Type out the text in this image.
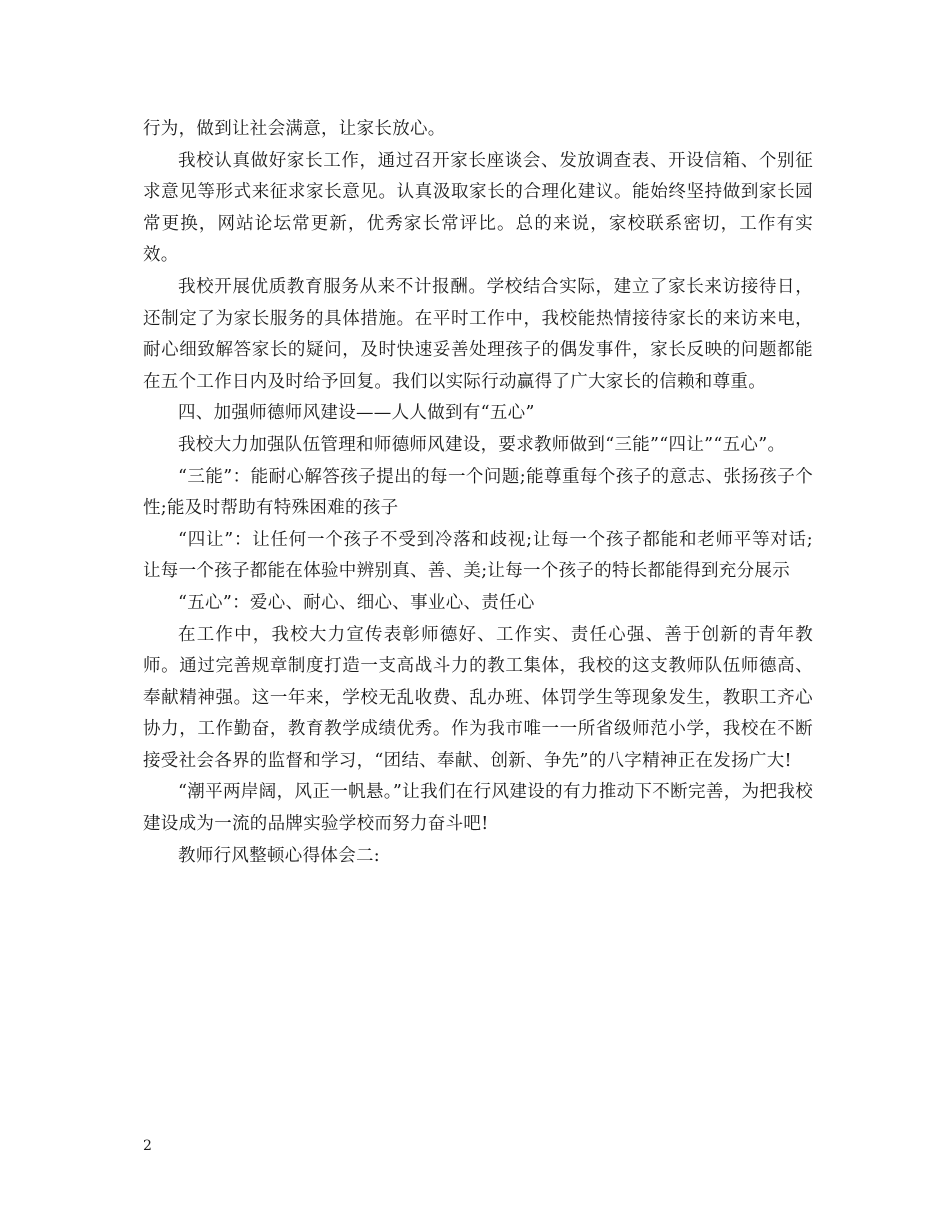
行为，做到让社会满意，让家长放心。

我校认真做好家长工作，通过召开家长座谈会、发放调查表、开设信箱、个别征求意见等形式来征求家长意见。认真汲取家长的合理化建议。能始终坚持做到家长园常更换，网站论坛常更新，优秀家长常评比。总的来说，家校联系密切，工作有实效。

我校开展优质教育服务从来不计报酬。学校结合实际，建立了家长来访接待日，还制定了为家长服务的具体措施。在平时工作中，我校能热情接待家长的来访来电，耐心细致解答家长的疑问，及时快速妥善处理孩子的偶发事件，家长反映的问题都能在五个工作日内及时给予回复。我们以实际行动赢得了广大家长的信赖和尊重。

四、加强师德师风建设——人人做到有“五心”

我校大力加强队伍管理和师德师风建设，要求教师做到“三能”“四让”“五心”。

“三能”：能耐心解答孩子提出的每一个问题;能尊重每个孩子的意志、张扬孩子个性;能及时帮助有特殊困难的孩子

“四让”：让任何一个孩子不受到冷落和歧视;让每一个孩子都能和老师平等对话;让每一个孩子都能在体验中辨别真、善、美;让每一个孩子的特长都能得到充分展示

“五心”：爱心、耐心、细心、事业心、责任心

在工作中，我校大力宣传表彰师德好、工作实、责任心强、善于创新的青年教师。通过完善规章制度打造一支高战斗力的教工集体，我校的这支教师队伍师德高、奉献精神强。这一年来，学校无乱收费、乱办班、体罚学生等现象发生，教职工齐心协力，工作勤奋，教育教学成绩优秀。作为我市唯一一所省级师范小学，我校在不断接受社会各界的监督和学习，“团结、奉献、创新、争先”的八字精神正在发扬广大!

“潮平两岸阔，风正一帆悬。”让我们在行风建设的有力推动下不断完善，为把我校建设成为一流的品牌实验学校而努力奋斗吧!

教师行风整顿心得体会二:

2
